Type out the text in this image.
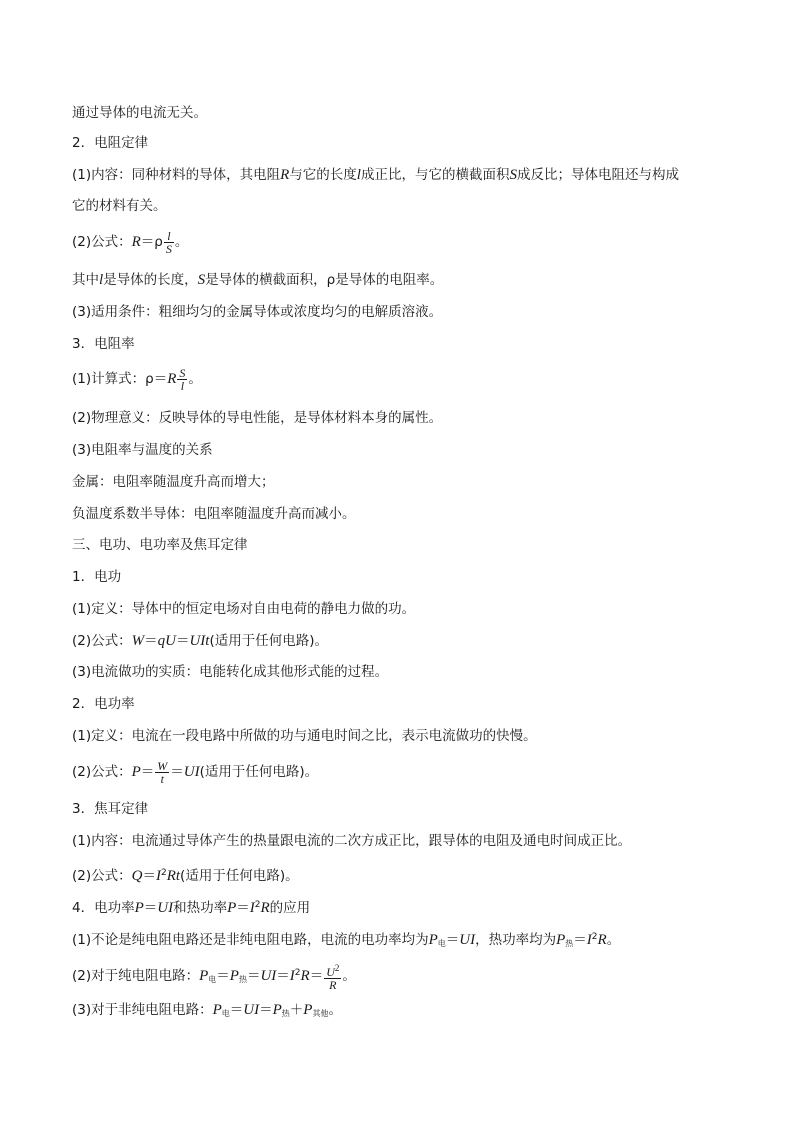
通过导体的电流无关。
2．电阻定律
(1)内容：同种材料的导体，其电阻R与它的长度l成正比，与它的横截面积S成反比；导体电阻还与构成
它的材料有关。
(2)公式：$R=\rho \frac{l}{S}$ 。
其中l是导体的长度，S是导体的横截面积，ρ是导体的电阻率。
(3)适用条件：粗细均匀的金属导体或浓度均匀的电解质溶液。
3．电阻率
(1)计算式：$\rho=R \frac{S}{l}$ 。
(2)物理意义：反映导体的导电性能，是导体材料本身的属性。
(3)电阻率与温度的关系
金属：电阻率随温度升高而增大；
负温度系数半导体：电阻率随温度升高而减小。
三、电功、电功率及焦耳定律
1．电功
(1)定义：导体中的恒定电场对自由电荷的静电力做的功。
(2)公式：W＝qU＝UIt(适用于任何电路)。
(3)电流做功的实质：电能转化成其他形式能的过程。
2．电功率
(1)定义：电流在一段电路中所做的功与通电时间之比，表示电流做功的快慢。
(2)公式：$P= \frac{W}{t} =UI$(适用于任何电路)。
3．焦耳定律
(1)内容：电流通过导体产生的热量跟电流的二次方成正比，跟导体的电阻及通电时间成正比。
(2)公式：$Q=I^2Rt$(适用于任何电路)。
4．电功率P＝UI和热功率$P=I^2R$的应用
(1)不论是纯电阻电路还是非纯电阻电路，电流的电功率均为$P_电=UI$，热功率均为$P_热=I^2R$。
(2)对于纯电阻电路：$P_电=P_热=UI=I^2R= \frac{U^2}{R}$ 。
(3)对于非纯电阻电路：$P_电=UI=P_热+P_{其他}$。
